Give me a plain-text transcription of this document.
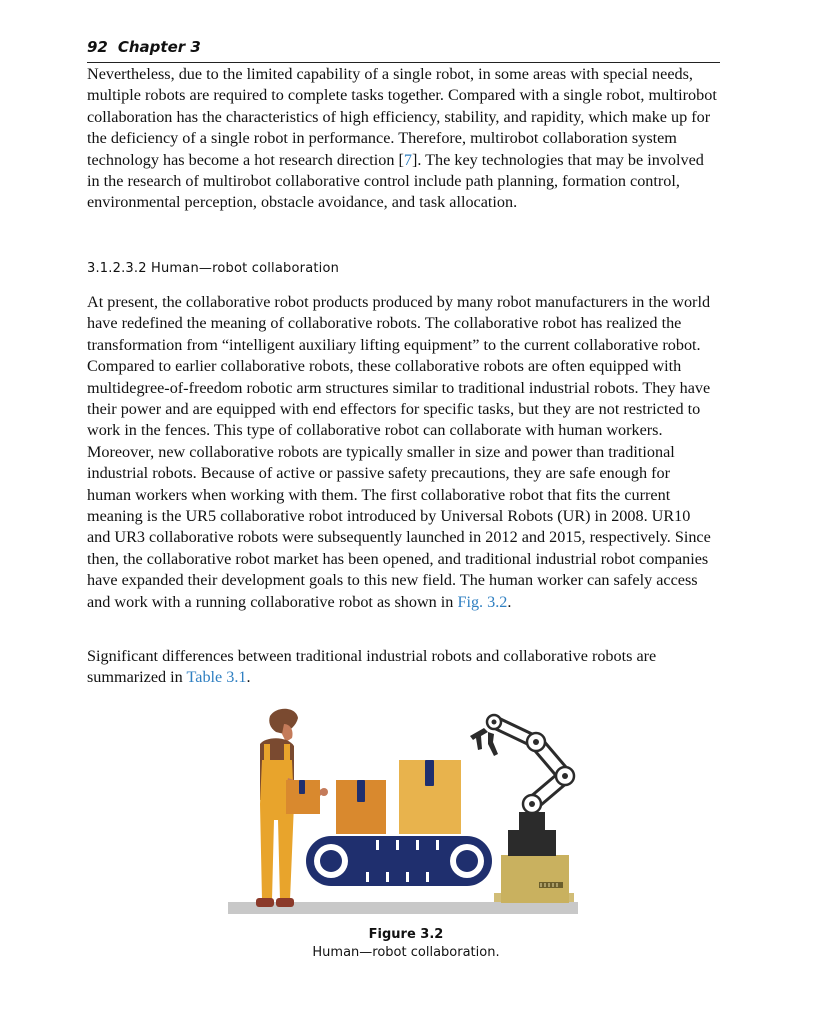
92 Chapter 3

Nevertheless, due to the limited capability of a single robot, in some areas with special needs, multiple robots are required to complete tasks together. Compared with a single robot, multirobot collaboration has the characteristics of high efficiency, stability, and rapidity, which make up for the deficiency of a single robot in performance. Therefore, multirobot collaboration system technology has become a hot research direction [7]. The key technologies that may be involved in the research of multirobot collaborative control include path planning, formation control, environmental perception, obstacle avoidance, and task allocation.

3.1.2.3.2 Human—robot collaboration

At present, the collaborative robot products produced by many robot manufacturers in the world have redefined the meaning of collaborative robots. The collaborative robot has realized the transformation from “intelligent auxiliary lifting equipment” to the current collaborative robot. Compared to earlier collaborative robots, these collaborative robots are often equipped with multidegree-of-freedom robotic arm structures similar to traditional industrial robots. They have their power and are equipped with end effectors for specific tasks, but they are not restricted to work in the fences. This type of collaborative robot can collaborate with human workers. Moreover, new collaborative robots are typically smaller in size and power than traditional industrial robots. Because of active or passive safety precautions, they are safe enough for human workers when working with them. The first collaborative robot that fits the current meaning is the UR5 collaborative robot introduced by Universal Robots (UR) in 2008. UR10 and UR3 collaborative robots were subsequently launched in 2012 and 2015, respectively. Since then, the collaborative robot market has been opened, and traditional industrial robot companies have expanded their development goals to this new field. The human worker can safely access and work with a running collaborative robot as shown in Fig. 3.2.

Significant differences between traditional industrial robots and collaborative robots are summarized in Table 3.1.

Figure 3.2
Human—robot collaboration.
